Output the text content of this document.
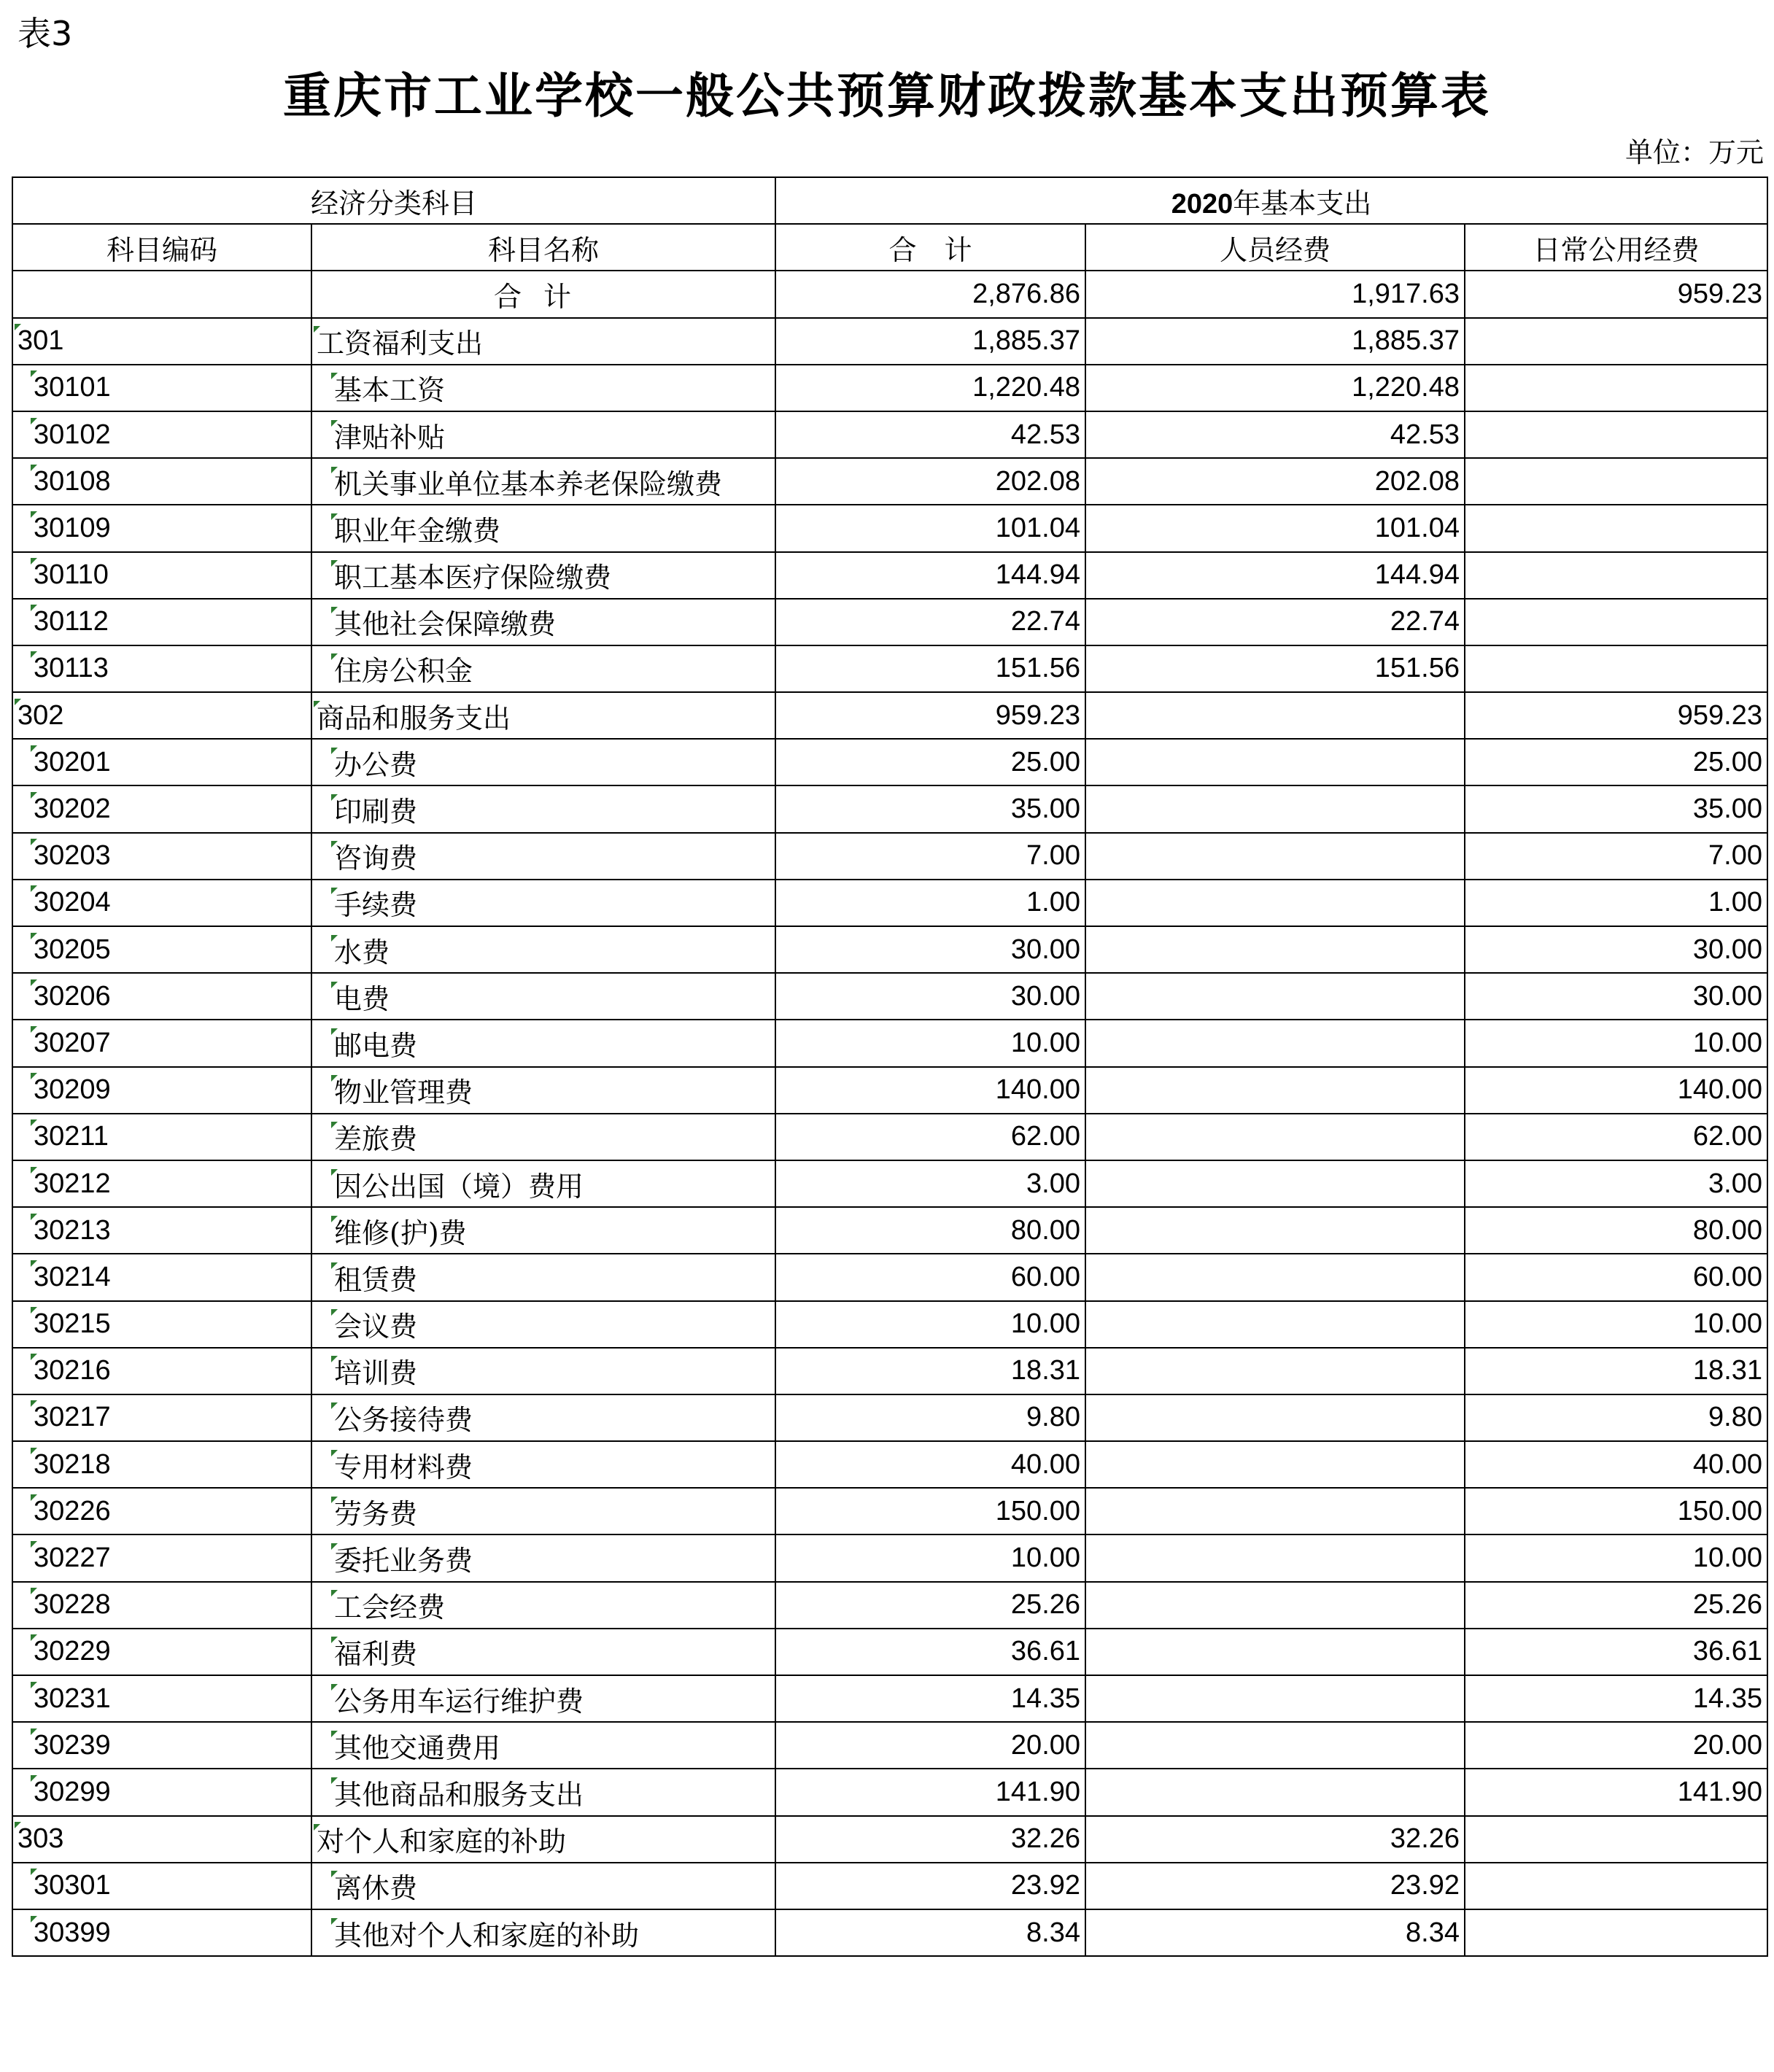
表3
重庆市工业学校一般公共预算财政拨款基本支出预算表
单位：万元
经济分类科目		2020年基本支出		
科目编码	科目名称	合　计	人员经费	日常公用经费
	合计	2,876.86	1,917.63	959.23
301	工资福利支出	1,885.37	1,885.37	
30101	基本工资	1,220.48	1,220.48	
30102	津贴补贴	42.53	42.53	
30108	机关事业单位基本养老保险缴费	202.08	202.08	
30109	职业年金缴费	101.04	101.04	
30110	职工基本医疗保险缴费	144.94	144.94	
30112	其他社会保障缴费	22.74	22.74	
30113	住房公积金	151.56	151.56	
302	商品和服务支出	959.23		959.23
30201	办公费	25.00		25.00
30202	印刷费	35.00		35.00
30203	咨询费	7.00		7.00
30204	手续费	1.00		1.00
30205	水费	30.00		30.00
30206	电费	30.00		30.00
30207	邮电费	10.00		10.00
30209	物业管理费	140.00		140.00
30211	差旅费	62.00		62.00
30212	因公出国（境）费用	3.00		3.00
30213	维修(护)费	80.00		80.00
30214	租赁费	60.00		60.00
30215	会议费	10.00		10.00
30216	培训费	18.31		18.31
30217	公务接待费	9.80		9.80
30218	专用材料费	40.00		40.00
30226	劳务费	150.00		150.00
30227	委托业务费	10.00		10.00
30228	工会经费	25.26		25.26
30229	福利费	36.61		36.61
30231	公务用车运行维护费	14.35		14.35
30239	其他交通费用	20.00		20.00
30299	其他商品和服务支出	141.90		141.90
303	对个人和家庭的补助	32.26	32.26	
30301	离休费	23.92	23.92	
30399	其他对个人和家庭的补助	8.34	8.34	
